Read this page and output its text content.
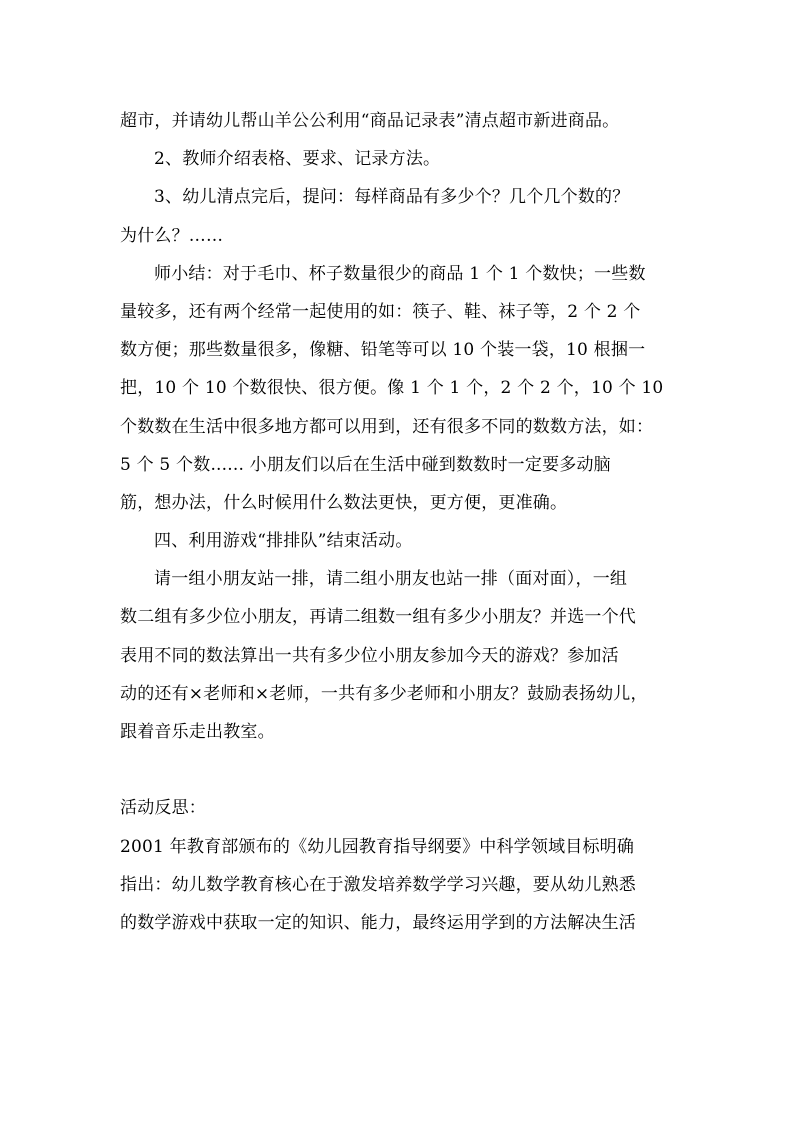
超市，并请幼儿帮山羊公公利用“商品记录表”清点超市新进商品。
2、教师介绍表格、要求、记录方法。
3、幼儿清点完后，提问：每样商品有多少个？几个几个数的？
为什么？……
师小结：对于毛巾、杯子数量很少的商品 1 个 1 个数快；一些数
量较多，还有两个经常一起使用的如：筷子、鞋、袜子等，2 个 2 个
数方便；那些数量很多，像糖、铅笔等可以 10 个装一袋，10 根捆一
把，10 个 10 个数很快、很方便。像 1 个 1 个，2 个 2 个，10 个 10
个数数在生活中很多地方都可以用到，还有很多不同的数数方法，如：
5 个 5 个数...... 小朋友们以后在生活中碰到数数时一定要多动脑
筋，想办法，什么时候用什么数法更快，更方便，更准确。
四、利用游戏“排排队”结束活动。
请一组小朋友站一排，请二组小朋友也站一排（面对面），一组
数二组有多少位小朋友，再请二组数一组有多少小朋友？并选一个代
表用不同的数法算出一共有多少位小朋友参加今天的游戏？参加活
动的还有×老师和×老师，一共有多少老师和小朋友？鼓励表扬幼儿，
跟着音乐走出教室。
活动反思：
2001 年教育部颁布的《幼儿园教育指导纲要》中科学领域目标明确
指出：幼儿数学教育核心在于激发培养数学学习兴趣，要从幼儿熟悉
的数学游戏中获取一定的知识、能力，最终运用学到的方法解决生活
